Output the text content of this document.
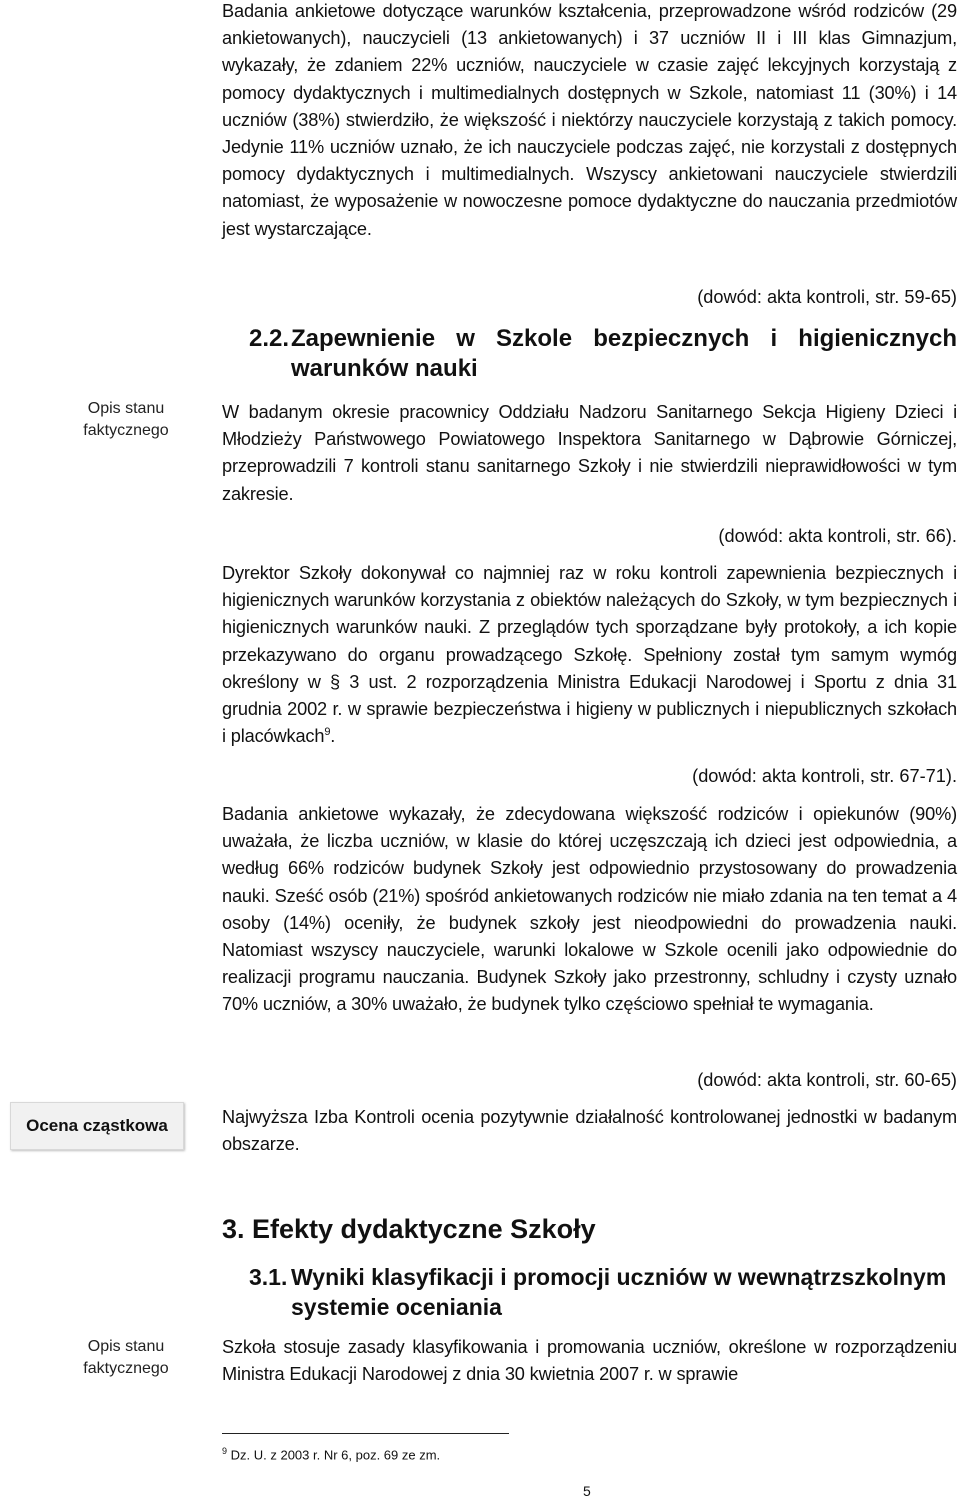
Opis stanu faktycznego
Ocena cząstkowa
Opis stanu faktycznego

Badania ankietowe dotyczące warunków kształcenia, przeprowadzone wśród rodziców (29 ankietowanych), nauczycieli (13 ankietowanych) i 37 uczniów II i III klas Gimnazjum, wykazały, że zdaniem 22% uczniów, nauczyciele w czasie zajęć lekcyjnych korzystają z pomocy dydaktycznych i multimedialnych dostępnych w Szkole, natomiast 11 (30%) i 14 uczniów (38%) stwierdziło, że większość i niektórzy nauczyciele korzystają z takich pomocy. Jedynie 11% uczniów uznało, że ich nauczyciele podczas zajęć, nie korzystali z dostępnych pomocy dydaktycznych i multimedialnych. Wszyscy ankietowani nauczyciele stwierdzili natomiast, że wyposażenie w nowoczesne pomoce dydaktyczne do nauczania przedmiotów jest wystarczające.

(dowód: akta kontroli, str. 59-65)
2.2. Zapewnienie w Szkole bezpiecznych i higienicznych warunków nauki

W badanym okresie pracownicy Oddziału Nadzoru Sanitarnego Sekcja Higieny Dzieci i Młodzieży Państwowego Powiatowego Inspektora Sanitarnego w Dąbrowie Górniczej, przeprowadzili 7 kontroli stanu sanitarnego Szkoły i nie stwierdzili nieprawidłowości w tym zakresie.

(dowód: akta kontroli, str. 66).

Dyrektor Szkoły dokonywał co najmniej raz w roku kontroli zapewnienia bezpiecznych i higienicznych warunków korzystania z obiektów należących do Szkoły, w tym bezpiecznych i higienicznych warunków nauki. Z przeglądów tych sporządzane były protokoły, a ich kopie przekazywano do organu prowadzącego Szkołę. Spełniony został tym samym wymóg określony w § 3 ust. 2 rozporządzenia Ministra Edukacji Narodowej i Sportu z dnia 31 grudnia 2002 r. w sprawie bezpieczeństwa i higieny w publicznych i niepublicznych szkołach i placówkach$^9$.

(dowód: akta kontroli, str. 67-71).

Badania ankietowe wykazały, że zdecydowana większość rodziców i opiekunów (90%) uważała, że liczba uczniów, w klasie do której uczęszczają ich dzieci jest odpowiednia, a według 66% rodziców budynek Szkoły jest odpowiednio przystosowany do prowadzenia nauki. Sześć osób (21%) spośród ankietowanych rodziców nie miało zdania na ten temat a 4 osoby (14%) oceniły, że budynek szkoły jest nieodpowiedni do prowadzenia nauki. Natomiast wszyscy nauczyciele, warunki lokalowe w Szkole ocenili jako odpowiednie do realizacji programu nauczania. Budynek Szkoły jako przestronny, schludny i czysty uznało 70% uczniów, a 30% uważało, że budynek tylko częściowo spełniał te wymagania.

(dowód: akta kontroli, str. 60-65)

Najwyższa Izba Kontroli ocenia pozytywnie działalność kontrolowanej jednostki w badanym obszarze.

3. Efekty dydaktyczne Szkoły
3.1. Wyniki klasyfikacji i promocji uczniów w wewnątrzszkolnym systemie oceniania

Szkoła stosuje zasady klasyfikowania i promowania uczniów, określone w rozporządzeniu Ministra Edukacji Narodowej z dnia 30 kwietnia 2007 r. w sprawie

$^9$ Dz. U. z 2003 r. Nr 6, poz. 69 ze zm.
5
